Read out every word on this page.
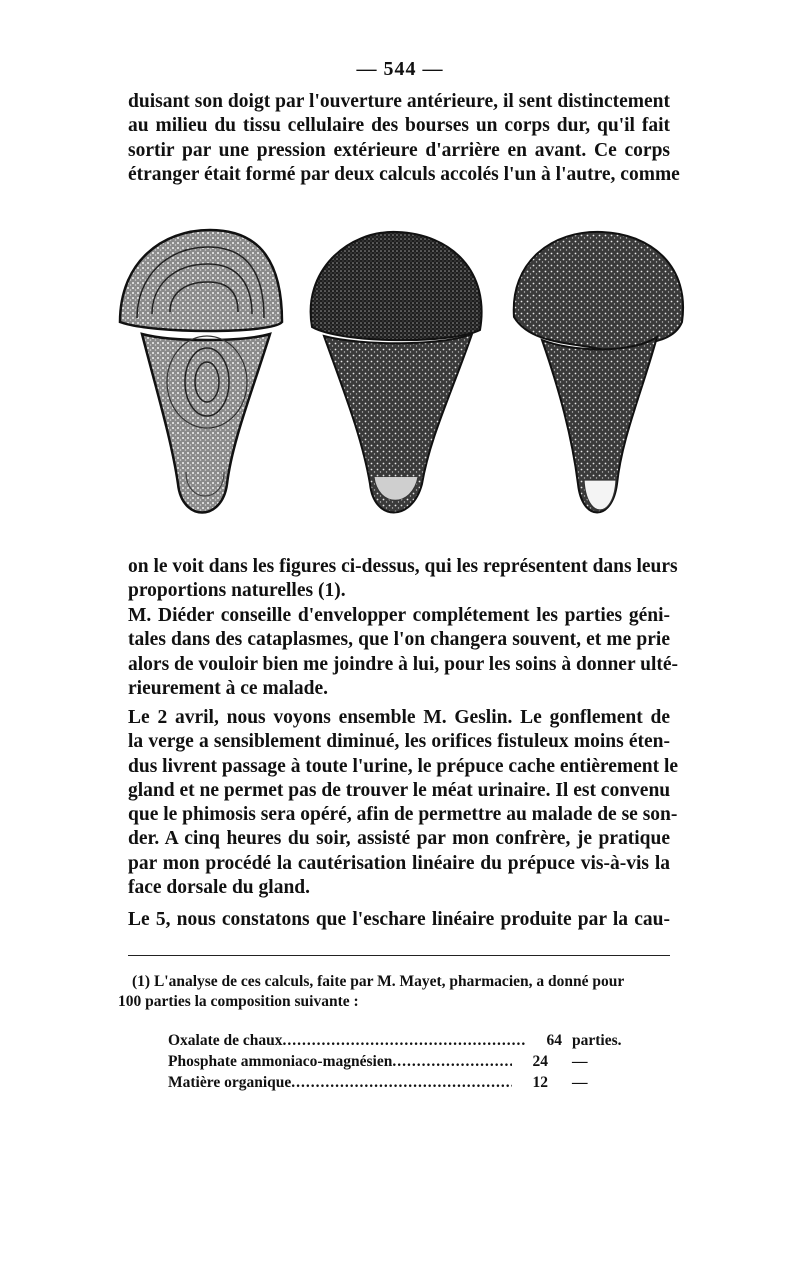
— 544 —

duisant son doigt par l'ouverture antérieure, il sent distinctement
au milieu du tissu cellulaire des bourses un corps dur, qu'il fait
sortir par une pression extérieure d'arrière en avant. Ce corps
étranger était formé par deux calculs accolés l'un à l'autre, comme

on le voit dans les figures ci-dessus, qui les représentent dans leurs
proportions naturelles (1).

M. Diéder conseille d'envelopper complétement les parties géni-
tales dans des cataplasmes, que l'on changera souvent, et me prie
alors de vouloir bien me joindre à lui, pour les soins à donner ulté-
rieurement à ce malade.

Le 2 avril, nous voyons ensemble M. Geslin. Le gonflement de
la verge a sensiblement diminué, les orifices fistuleux moins éten-
dus livrent passage à toute l'urine, le prépuce cache entièrement le
gland et ne permet pas de trouver le méat urinaire. Il est convenu
que le phimosis sera opéré, afin de permettre au malade de se son-
der. A cinq heures du soir, assisté par mon confrère, je pratique
par mon procédé la cautérisation linéaire du prépuce vis-à-vis la
face dorsale du gland.

Le 5, nous constatons que l'eschare linéaire produite par la cau-

(1) L'analyse de ces calculs, faite par M. Mayet, pharmacien, a donné pour
100 parties la composition suivante :

Oxalate de chaux .....	64 parties.
Phosphate ammoniaco-magnésien .....	24	—
Matière organique .....	12	—
